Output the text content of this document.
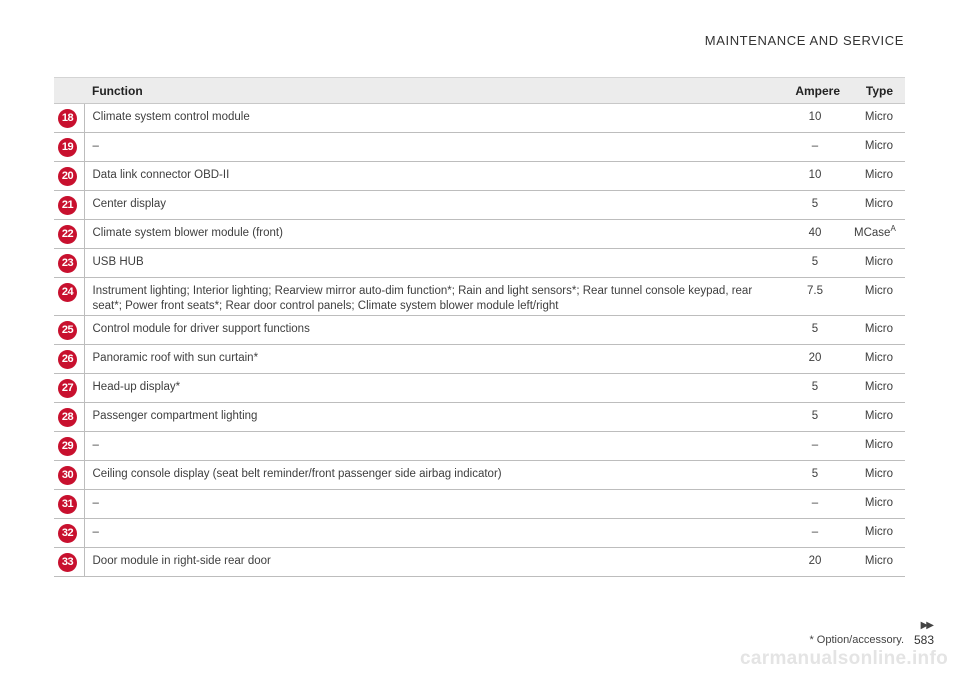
MAINTENANCE AND SERVICE
	Function	Ampere	Type
18	Climate system control module	10	Micro
19	–	–	Micro
20	Data link connector OBD-II	10	Micro
21	Center display	5	Micro
22	Climate system blower module (front)	40	MCase$^A$
23	USB HUB	5	Micro
24	Instrument lighting; Interior lighting; Rearview mirror auto-dim function*; Rain and light sensors*; Rear tunnel console keypad, rear seat*; Power front seats*; Rear door control panels; Climate system blower module left/right	7.5	Micro
25	Control module for driver support functions	5	Micro
26	Panoramic roof with sun curtain*	20	Micro
27	Head-up display*	5	Micro
28	Passenger compartment lighting	5	Micro
29	–	–	Micro
30	Ceiling console display (seat belt reminder/front passenger side airbag indicator)	5	Micro
31	–	–	Micro
32	–	–	Micro
33	Door module in right-side rear door	20	Micro
▶▶
* Option/accessory. 583
carmanualsonline.info
